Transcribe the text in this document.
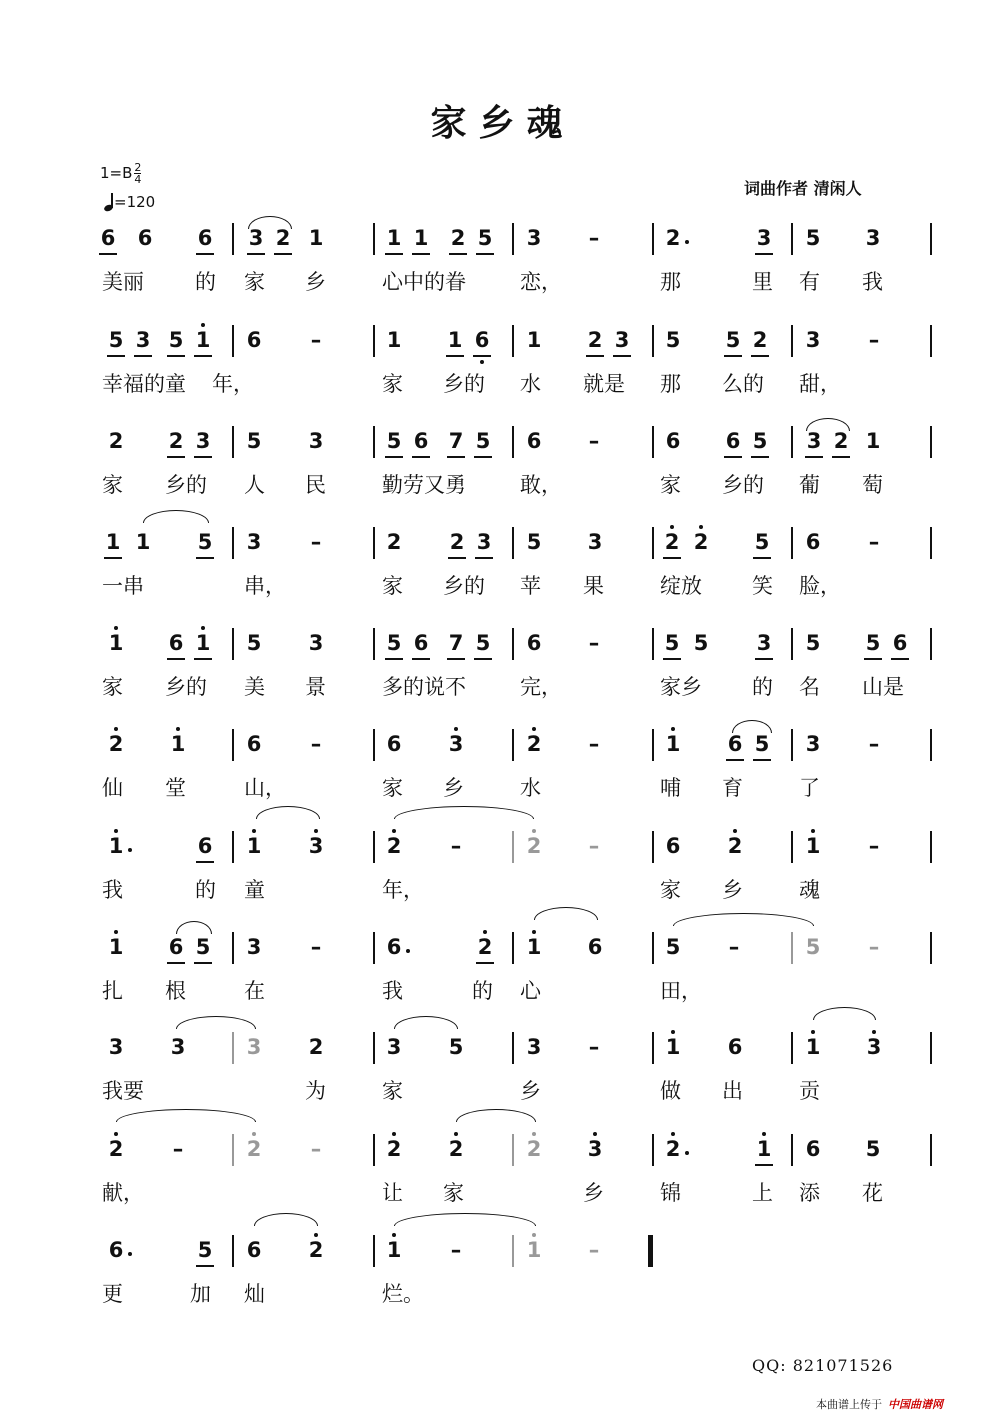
家乡魂
$1=B \frac{2}{4}$
=120
词曲作者 清闲人
6 6 6 3 2 1	1 1 2 5 3 –	2	3 5 3
美丽 的 家 乡	心中的眷	恋，	那	里 有 我
5 3 5 1 6 –	1 1 6 1 2 3 5 5 2 3 –
幸福的童 年，	家 乡的 水 就是 那 么的 甜，
2 2 3 5 3	5 6 7 5 6 –	6 6 5 3 2 1
家 乡的 人 民	勤劳又勇	敢，	家 乡的 葡 萄
1 1 5 3 –	2 2 3 5 3	2 2 5 6 –
一串	串，	家 乡的 苹 果	绽放 笑 脸，
1 6 1 5 3	5 6 7 5 6 –	5 5 3 5 5 6
家 乡的 美 景	多的说不	完，	家乡 的 名 山是
2 1	6 –	6 3	2 –	1 6 5 3 –
仙 堂	山，	家 乡	水	哺 育	了
1	6 1 3	2 –	2 –	6 2	1 –
我	的 童	年，	家 乡	魂
1 6 5 3 –	6	2 1 6	5 –	5 –
扎 根	在	我	的 心	田，
3 3	3 2	3 5	3 –	1 6	1 3
我要	为	家	乡	做 出	贡
2 –	2 –	2 2	2 3	2	1 6 5
献，	让 家	乡	锦	上 添 花
6	5 6 2	1 –	1 –
更	加 灿	烂。
QQ: 821071526
本曲谱上传于 中国曲谱网
